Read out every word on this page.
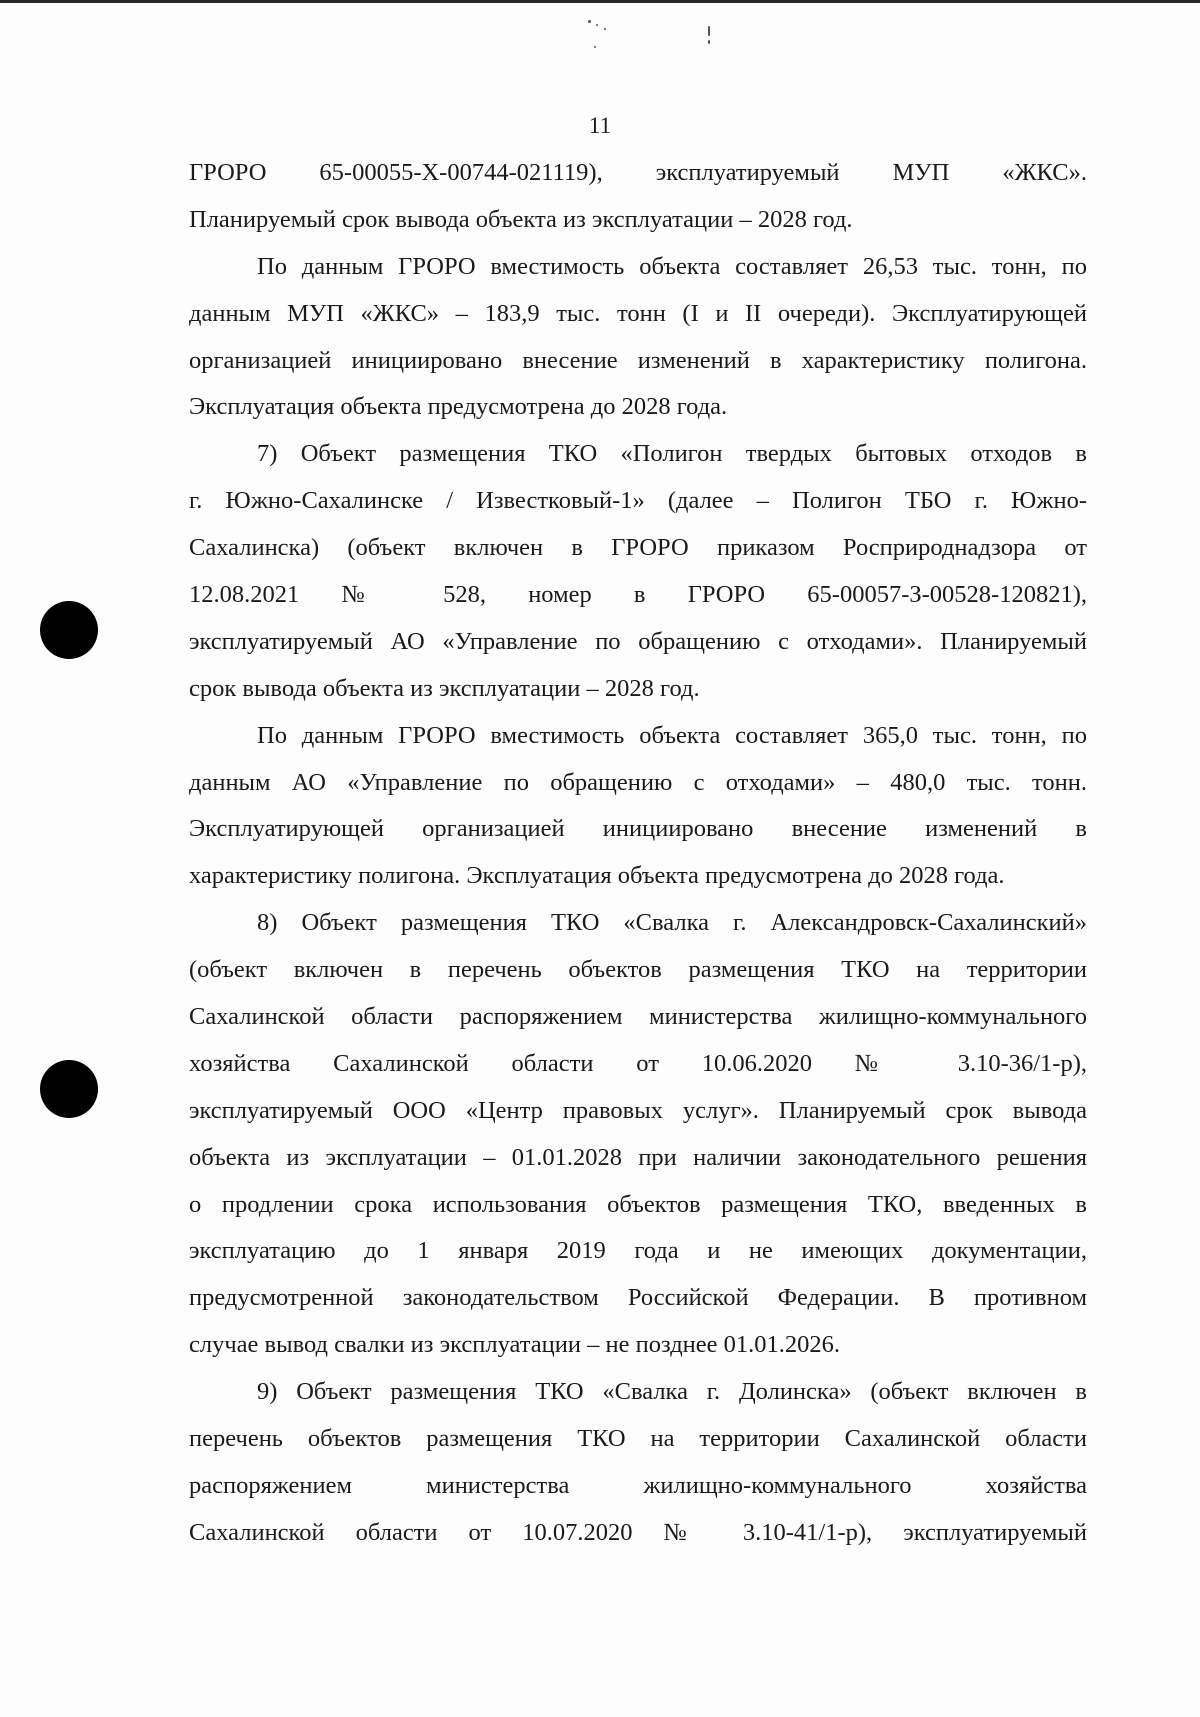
11
ГРОРО 65-00055-Х-00744-021119), эксплуатируемый МУП «ЖКС».
Планируемый срок вывода объекта из эксплуатации – 2028 год.
По данным ГРОРО вместимость объекта составляет 26,53 тыс. тонн, по
данным МУП «ЖКС» – 183,9 тыс. тонн (I и II очереди). Эксплуатирующей
организацией инициировано внесение изменений в характеристику полигона.
Эксплуатация объекта предусмотрена до 2028 года.
7) Объект размещения ТКО «Полигон твердых бытовых отходов в
г. Южно-Сахалинске / Известковый-1» (далее – Полигон ТБО г. Южно-
Сахалинска) (объект включен в ГРОРО приказом Росприроднадзора от
12.08.2021 № 528, номер в ГРОРО 65-00057-З-00528-120821),
эксплуатируемый АО «Управление по обращению с отходами». Планируемый
срок вывода объекта из эксплуатации – 2028 год.
По данным ГРОРО вместимость объекта составляет 365,0 тыс. тонн, по
данным АО «Управление по обращению с отходами» – 480,0 тыс. тонн.
Эксплуатирующей организацией инициировано внесение изменений в
характеристику полигона. Эксплуатация объекта предусмотрена до 2028 года.
8) Объект размещения ТКО «Свалка г. Александровск-Сахалинский»
(объект включен в перечень объектов размещения ТКО на территории
Сахалинской области распоряжением министерства жилищно-коммунального
хозяйства Сахалинской области от 10.06.2020 № 3.10-36/1-р),
эксплуатируемый ООО «Центр правовых услуг». Планируемый срок вывода
объекта из эксплуатации – 01.01.2028 при наличии законодательного решения
о продлении срока использования объектов размещения ТКО, введенных в
эксплуатацию до 1 января 2019 года и не имеющих документации,
предусмотренной законодательством Российской Федерации. В противном
случае вывод свалки из эксплуатации – не позднее 01.01.2026.
9) Объект размещения ТКО «Свалка г. Долинска» (объект включен в
перечень объектов размещения ТКО на территории Сахалинской области
распоряжением министерства жилищно-коммунального хозяйства
Сахалинской области от 10.07.2020 № 3.10-41/1-р), эксплуатируемый
